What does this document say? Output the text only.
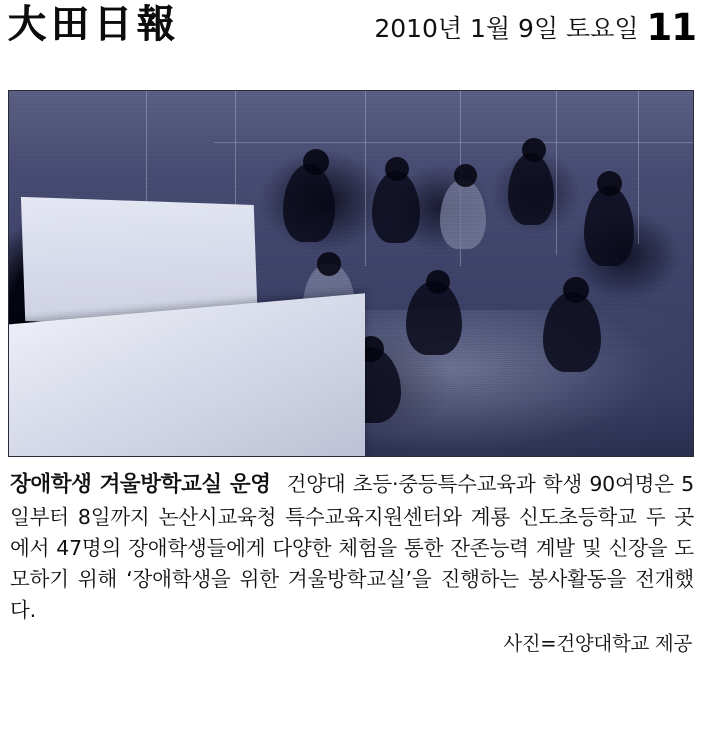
大田日報	2010년 1월 9일 토요일 11
장애학생 겨울방학교실 운영 건양대 초등·중등특수교육과 학생 90여명은 5일부터 8일까지 논산시교육청 특수교육지원센터와 계룡 신도초등학교 두 곳에서 47명의 장애학생들에게 다양한 체험을 통한 잔존능력 계발 및 신장을 도모하기 위해 ‘장애학생을 위한 겨울방학교실’을 진행하는 봉사활동을 전개했다.
사진=건양대학교 제공
